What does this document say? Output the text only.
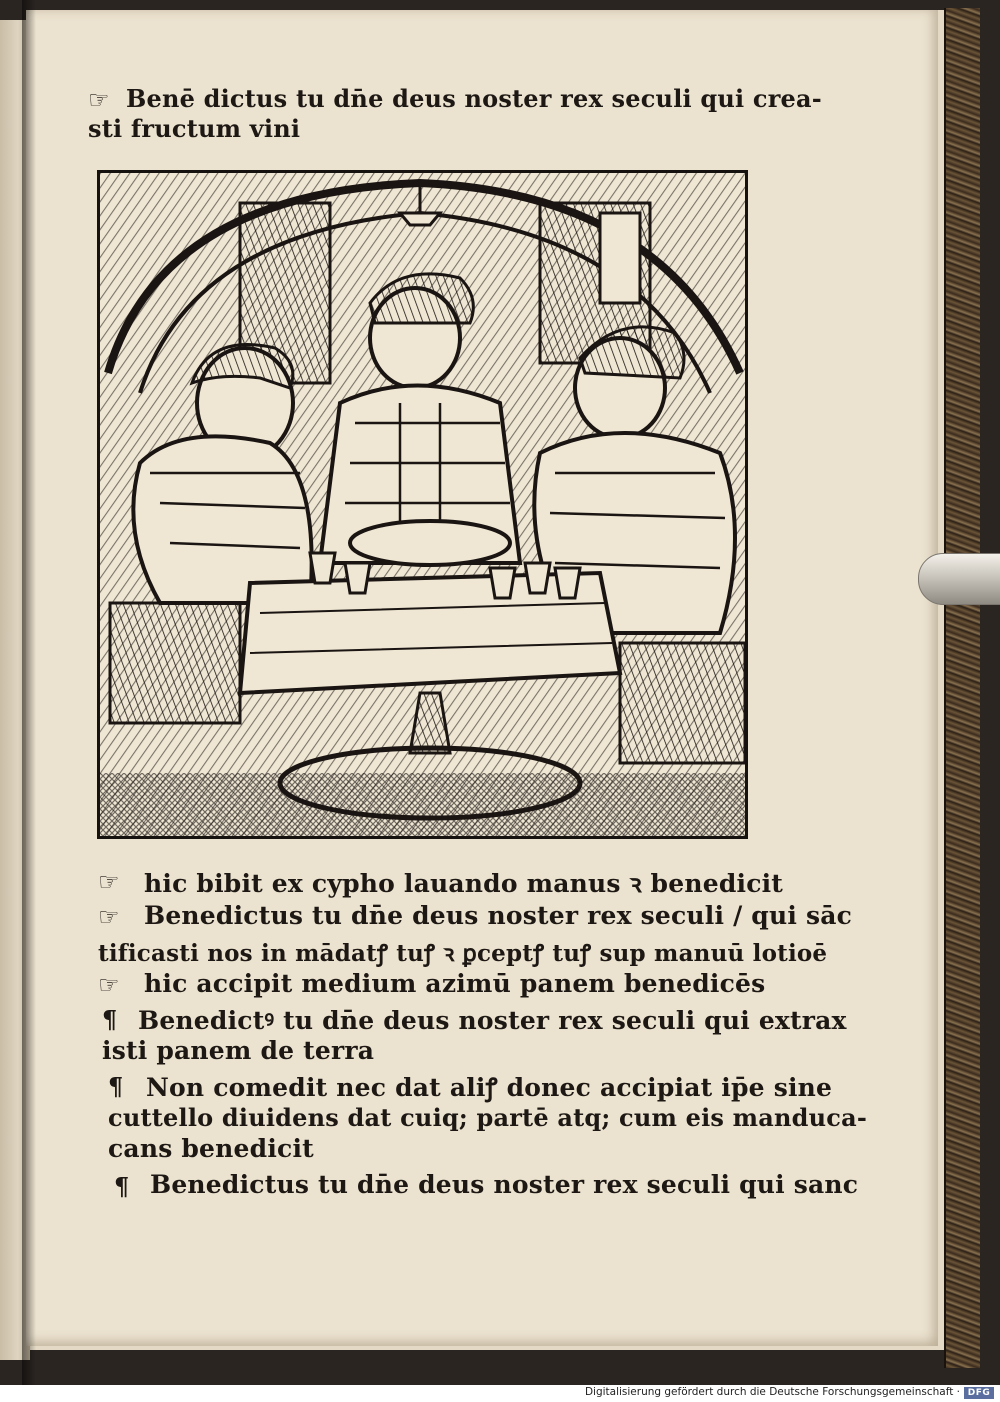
☞ Benē dictus tu dn̄e deus noster rex seculi qui crea-
sti fructum vini
☞ hic bibit ex cypho lauando manus ꝛ benedicit
☞ Benedictus tu dn̄e deus noster rex seculi / qui sāc
tificasti nos in mādatꝭ tuꝭ ꝛ ꝑceptꝭ tuꝭ sup manuū lotioē
☞ hic accipit medium azimū panem benedicēs
¶ Benedictꝰ tu dn̄e deus noster rex seculi qui extrax
isti panem de terra
¶ Non comedit nec dat aliꝭ donec accipiat ip̄e sine
cuttello diuidens dat cuiq; partē atq; cum eis manduca-
cans benedicit
¶ Benedictus tu dn̄e deus noster rex seculi qui sanc
Digitalisierung gefördert durch die Deutsche Forschungsgemeinschaft · DFG
